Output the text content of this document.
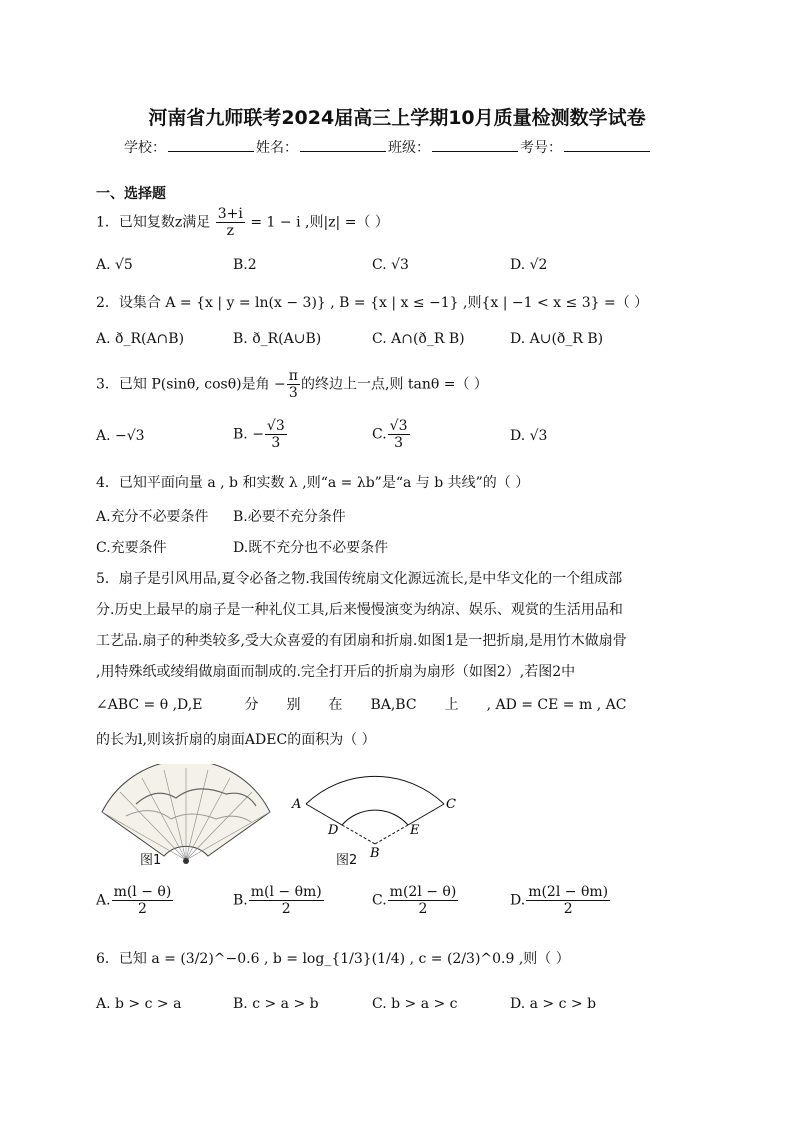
河南省九师联考2024届高三上学期10月质量检测数学试卷
学校：	姓名：	班级：	考号：
一、选择题
1．已知复数z满足 $\frac{3+i}{z} = 1 - i$ ,则|z| =（ ）
A. √5	B.2	C. √3	D. √2
2．设集合 A = {x | y = ln(x − 3)} , B = {x | x ≤ −1} ,则{x | −1 < x ≤ 3} =（ ）
A. ð_R(A∩B)	B. ð_R(A∪B)	C. A∩(ð_R B)	D. A∪(ð_R B)
3．已知 P(sinθ, cosθ)是角 − $\frac{\pi}{3}$ 的终边上一点,则 tanθ =（ ）
A. −√3	B. − $\frac{√3}{3}$	C. $\frac{√3}{3}$	D. √3
4．已知平面向量 a , b 和实数 λ ,则“a = λb”是“a 与 b 共线”的（ ）
A.充分不必要条件 B.必要不充分条件
C.充要条件	D.既不充分也不必要条件
5．扇子是引风用品,夏令必备之物.我国传统扇文化源远流长,是中华文化的一个组成部
分.历史上最早的扇子是一种礼仪工具,后来慢慢演变为纳凉、娱乐、观赏的生活用品和
工艺品.扇子的种类较多,受大众喜爱的有团扇和折扇.如图1是一把折扇,是用竹木做扇骨
,用特殊纸或绫绢做扇面而制成的.完全打开后的折扇为扇形（如图2）,若图2中
∠ABC = θ ,D,E　　　分　　别　　在　　BA,BC　　上　　, AD = CE = m , AC
的长为l,则该折扇的扇面ADEC的面积为（ ）
图1
A	C
D	E
B
图2
A. $\frac{m(l - \theta)}{2}$	B. $\frac{m(l - \theta m)}{2}$	C. $\frac{m(2l - \theta)}{2}$	D. $\frac{m(2l - \theta m)}{2}$
6．已知 a = (3/2)^−0.6 , b = log_{1/3}(1/4) , c = (2/3)^0.9 ,则（ ）
A. b > c > a	B. c > a > b	C. b > a > c	D. a > c > b
